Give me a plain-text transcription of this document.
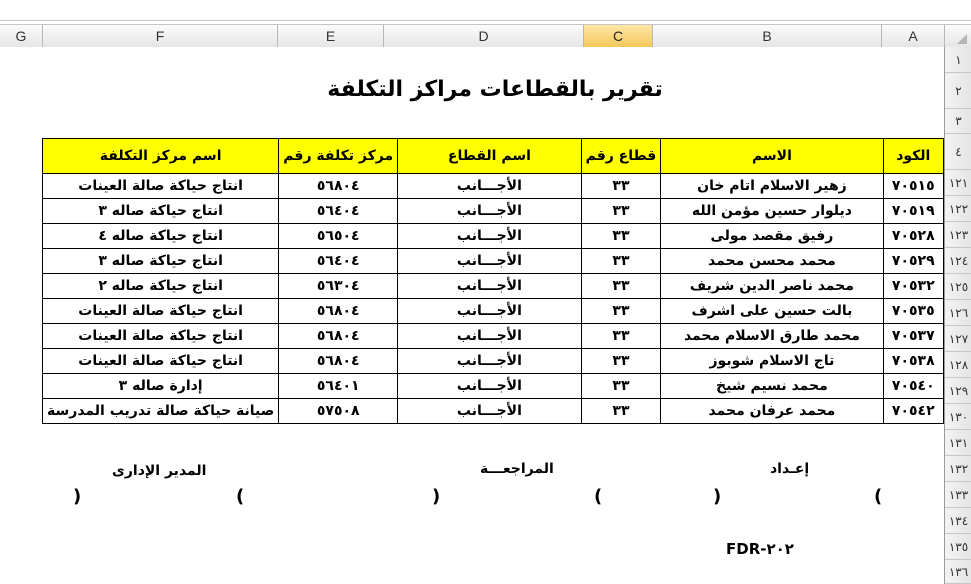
G	F	E	D	C	B	A
١
٢
٣
٤
١٢١
١٢٢
١٢٣
١٢٤
١٢٥
١٢٦
١٢٧
١٢٨
١٢٩
١٣٠
١٣١
١٣٢
١٣٣
١٣٤
١٣٥
١٣٦
تقرير بالقطاعات مراكز التكلفة
اسم مركز التكلفة	مركز تكلفة رقم	اسم القطاع	قطاع رقم	الاسم	الكود
انتاج حياكة صالة العينات	٥٦٨٠٤	الأجـــانب	٣٣	زهير الاسلام اتام خان	٧٠٥١٥
انتاج حياكة صاله ٣	٥٦٤٠٤	الأجـــانب	٣٣	ديلوار حسين مؤمن الله	٧٠٥١٩
انتاج حياكة صاله ٤	٥٦٥٠٤	الأجـــانب	٣٣	رفيق مقصد مولى	٧٠٥٢٨
انتاج حياكة صاله ٣	٥٦٤٠٤	الأجـــانب	٣٣	محمد محسن محمد	٧٠٥٢٩
انتاج حياكة صاله ٢	٥٦٣٠٤	الأجـــانب	٣٣	محمد ناصر الدين شريف	٧٠٥٣٢
انتاج حياكة صالة العينات	٥٦٨٠٤	الأجـــانب	٣٣	بالت حسين على اشرف	٧٠٥٣٥
انتاج حياكة صالة العينات	٥٦٨٠٤	الأجـــانب	٣٣	محمد طارق الاسلام محمد	٧٠٥٣٧
انتاج حياكة صالة العينات	٥٦٨٠٤	الأجـــانب	٣٣	تاج الاسلام شوبوز	٧٠٥٣٨
إدارة صاله ٣	٥٦٤٠١	الأجـــانب	٣٣	محمد نسيم شيخ	٧٠٥٤٠
صيانة حياكة صالة تدريب المدرسة	٥٧٥٠٨	الأجـــانب	٣٣	محمد عرفان محمد	٧٠٥٤٢
إعـداد
المراجعـــة
المدير الإدارى
(
)
(
)
(
)
FDR-٢٠٢
